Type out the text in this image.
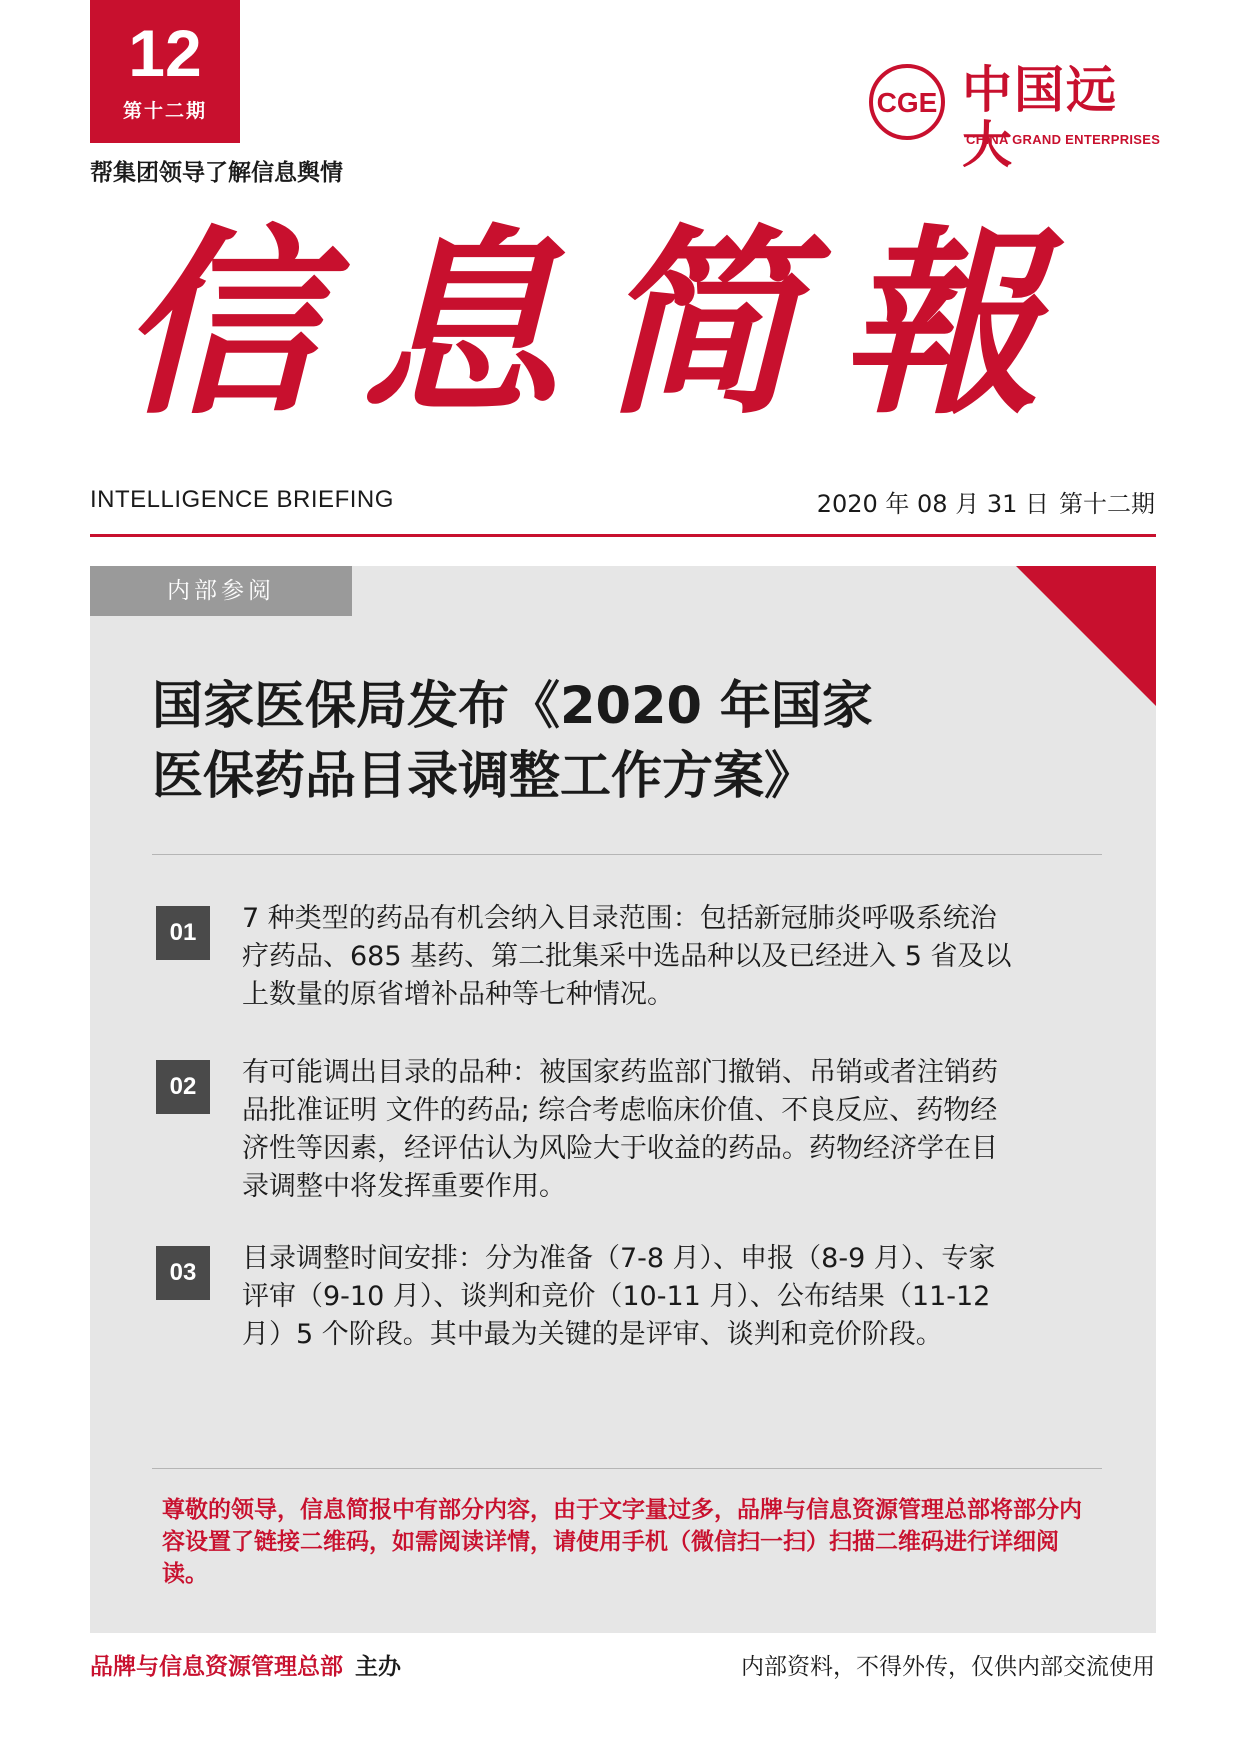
12
第十二期
帮集团领导了解信息舆情
CGE 中国远大
CHINA GRAND ENTERPRISES
信息简報
INTELLIGENCE BRIEFING	2020 年 08 月 31 日 第十二期
内部参阅
国家医保局发布《2020 年国家
医保药品目录调整工作方案》
01	7 种类型的药品有机会纳入目录范围：包括新冠肺炎呼吸系统治疗药品、685 基药、第二批集采中选品种以及已经进入 5 省及以上数量的原省增补品种等七种情况。
02	有可能调出目录的品种：被国家药监部门撤销、吊销或者注销药品批准证明 文件的药品; 综合考虑临床价值、不良反应、药物经济性等因素，经评估认为风险大于收益的药品。药物经济学在目录调整中将发挥重要作用。
03	目录调整时间安排：分为准备（7-8 月）、申报（8-9 月）、专家评审（9-10 月）、谈判和竞价（10-11 月）、公布结果（11-12 月）5 个阶段。其中最为关键的是评审、谈判和竞价阶段。
尊敬的领导，信息简报中有部分内容，由于文字量过多，品牌与信息资源管理总部将部分内容设置了链接二维码，如需阅读详情，请使用手机（微信扫一扫）扫描二维码进行详细阅读。
品牌与信息资源管理总部 主办	内部资料，不得外传，仅供内部交流使用
